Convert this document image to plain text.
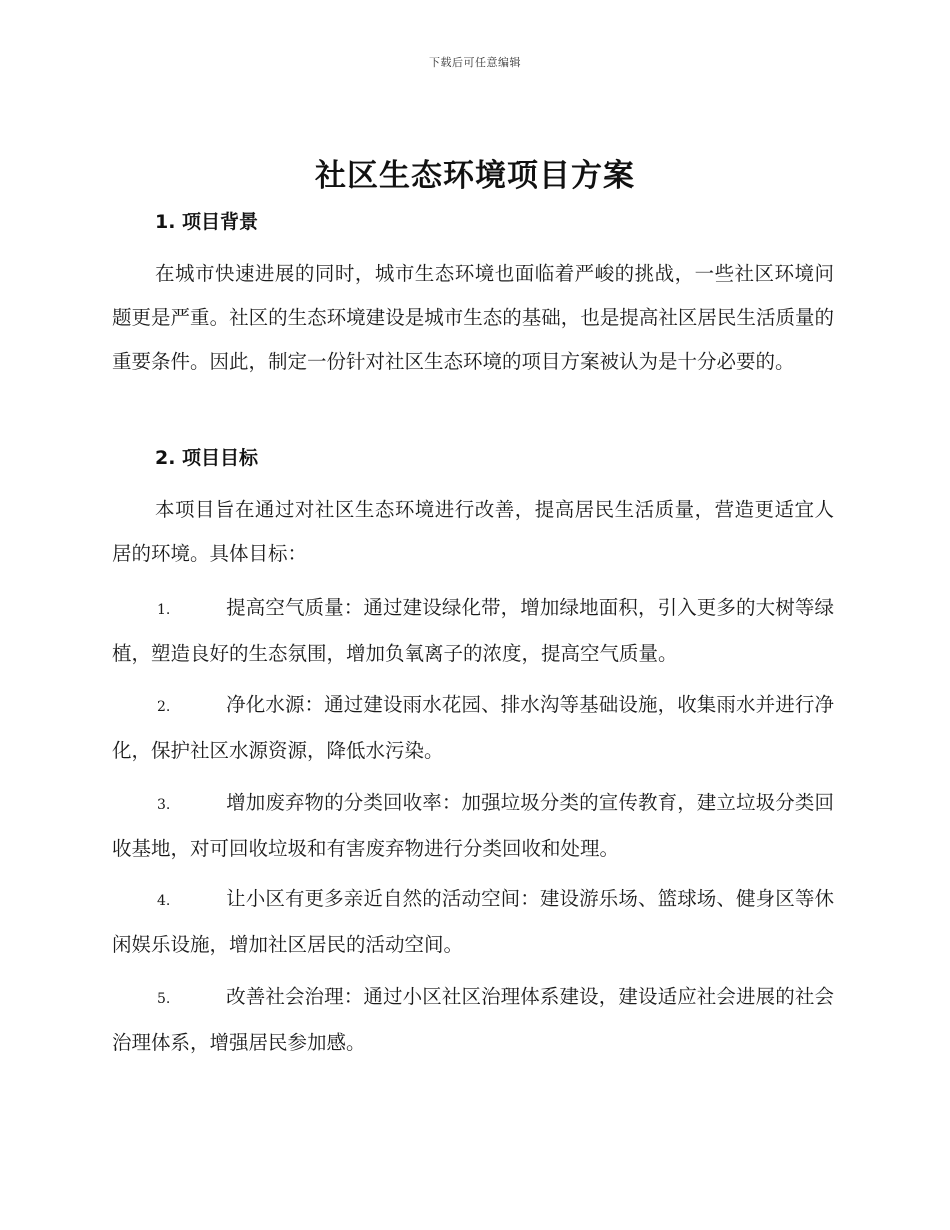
下载后可任意编辑
社区生态环境项目方案
1. 项目背景

在城市快速进展的同时，城市生态环境也面临着严峻的挑战，一些社区环境问题更是严重。社区的生态环境建设是城市生态的基础，也是提高社区居民生活质量的重要条件。因此，制定一份针对社区生态环境的项目方案被认为是十分必要的。

2. 项目目标

本项目旨在通过对社区生态环境进行改善，提高居民生活质量，营造更适宜人居的环境。具体目标：

1.	提高空气质量：通过建设绿化带，增加绿地面积，引入更多的大树等绿植，塑造良好的生态氛围，增加负氧离子的浓度，提高空气质量。

2.	净化水源：通过建设雨水花园、排水沟等基础设施，收集雨水并进行净化，保护社区水源资源，降低水污染。

3.	增加废弃物的分类回收率：加强垃圾分类的宣传教育，建立垃圾分类回收基地，对可回收垃圾和有害废弃物进行分类回收和处理。

4.	让小区有更多亲近自然的活动空间：建设游乐场、篮球场、健身区等休闲娱乐设施，增加社区居民的活动空间。

5.	改善社会治理：通过小区社区治理体系建设，建设适应社会进展的社会治理体系，增强居民参加感。
